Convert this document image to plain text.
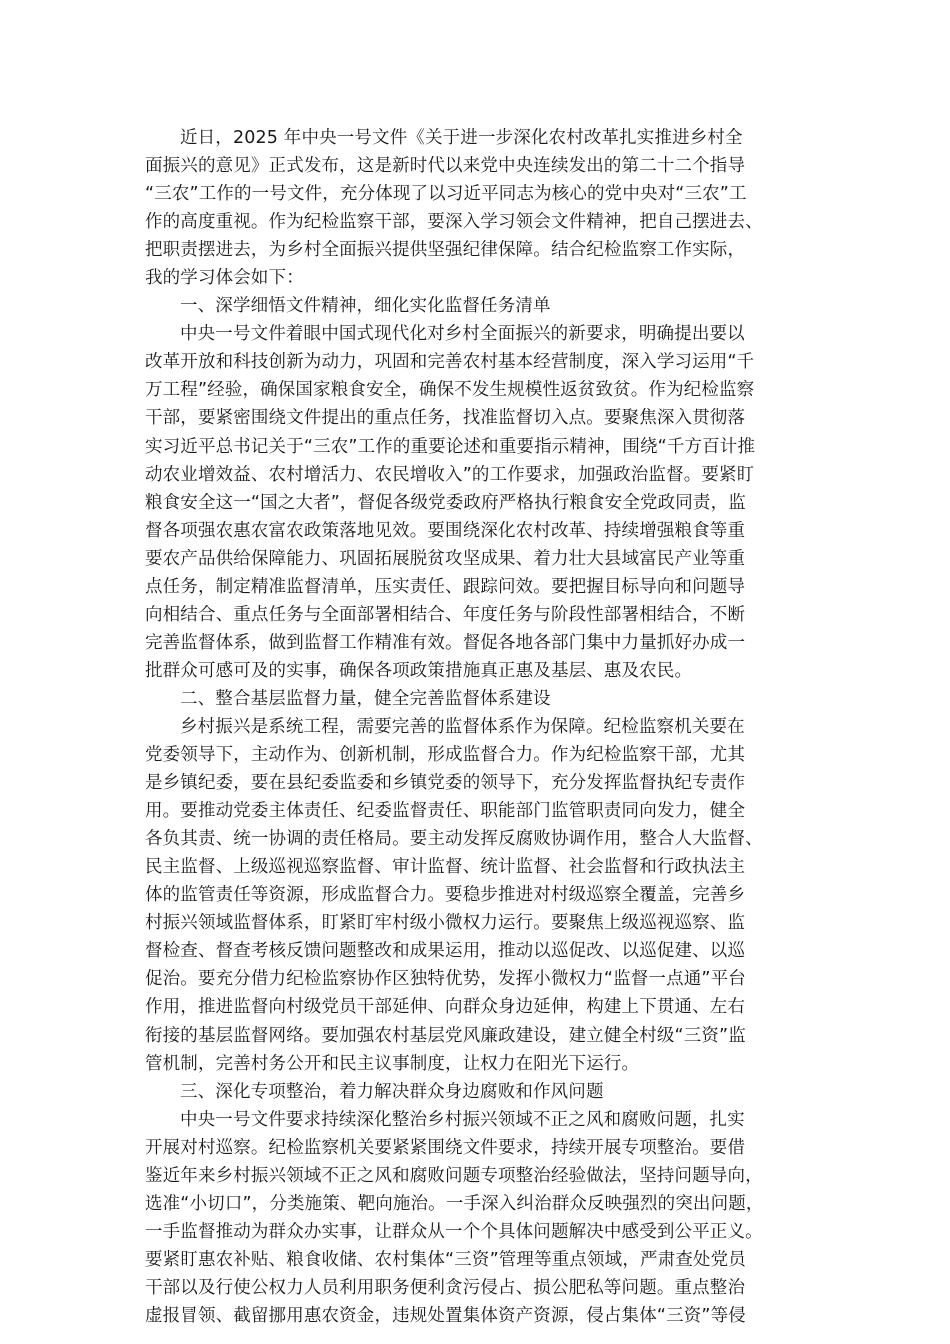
近日，2025 年中央一号文件《关于进一步深化农村改革扎实推进乡村全
面振兴的意见》正式发布，这是新时代以来党中央连续发出的第二十二个指导
“三农”工作的一号文件，充分体现了以习近平同志为核心的党中央对“三农”工
作的高度重视。作为纪检监察干部，要深入学习领会文件精神，把自己摆进去、
把职责摆进去，为乡村全面振兴提供坚强纪律保障。结合纪检监察工作实际，
我的学习体会如下：

一、深学细悟文件精神，细化实化监督任务清单

中央一号文件着眼中国式现代化对乡村全面振兴的新要求，明确提出要以
改革开放和科技创新为动力，巩固和完善农村基本经营制度，深入学习运用“千
万工程”经验，确保国家粮食安全，确保不发生规模性返贫致贫。作为纪检监察
干部，要紧密围绕文件提出的重点任务，找准监督切入点。要聚焦深入贯彻落
实习近平总书记关于“三农”工作的重要论述和重要指示精神，围绕“千方百计推
动农业增效益、农村增活力、农民增收入”的工作要求，加强政治监督。要紧盯
粮食安全这一“国之大者”，督促各级党委政府严格执行粮食安全党政同责，监
督各项强农惠农富农政策落地见效。要围绕深化农村改革、持续增强粮食等重
要农产品供给保障能力、巩固拓展脱贫攻坚成果、着力壮大县域富民产业等重
点任务，制定精准监督清单，压实责任、跟踪问效。要把握目标导向和问题导
向相结合、重点任务与全面部署相结合、年度任务与阶段性部署相结合，不断
完善监督体系，做到监督工作精准有效。督促各地各部门集中力量抓好办成一
批群众可感可及的实事，确保各项政策措施真正惠及基层、惠及农民。

二、整合基层监督力量，健全完善监督体系建设

乡村振兴是系统工程，需要完善的监督体系作为保障。纪检监察机关要在
党委领导下，主动作为、创新机制，形成监督合力。作为纪检监察干部，尤其
是乡镇纪委，要在县纪委监委和乡镇党委的领导下，充分发挥监督执纪专责作
用。要推动党委主体责任、纪委监督责任、职能部门监管职责同向发力，健全
各负其责、统一协调的责任格局。要主动发挥反腐败协调作用，整合人大监督、
民主监督、上级巡视巡察监督、审计监督、统计监督、社会监督和行政执法主
体的监管责任等资源，形成监督合力。要稳步推进对村级巡察全覆盖，完善乡
村振兴领域监督体系，盯紧盯牢村级小微权力运行。要聚焦上级巡视巡察、监
督检查、督查考核反馈问题整改和成果运用，推动以巡促改、以巡促建、以巡
促治。要充分借力纪检监察协作区独特优势，发挥小微权力“监督一点通”平台
作用，推进监督向村级党员干部延伸、向群众身边延伸，构建上下贯通、左右
衔接的基层监督网络。要加强农村基层党风廉政建设，建立健全村级“三资”监
管机制，完善村务公开和民主议事制度，让权力在阳光下运行。

三、深化专项整治，着力解决群众身边腐败和作风问题

中央一号文件要求持续深化整治乡村振兴领域不正之风和腐败问题，扎实
开展对村巡察。纪检监察机关要紧紧围绕文件要求，持续开展专项整治。要借
鉴近年来乡村振兴领域不正之风和腐败问题专项整治经验做法，坚持问题导向，
选准“小切口”，分类施策、靶向施治。一手深入纠治群众反映强烈的突出问题，
一手监督推动为群众办实事，让群众从一个个具体问题解决中感受到公平正义。
要紧盯惠农补贴、粮食收储、农村集体“三资”管理等重点领域，严肃查处党员
干部以及行使公权力人员利用职务便利贪污侵占、损公肥私等问题。重点整治
虚报冒领、截留挪用惠农资金，违规处置集体资产资源，侵占集体“三资”等侵
